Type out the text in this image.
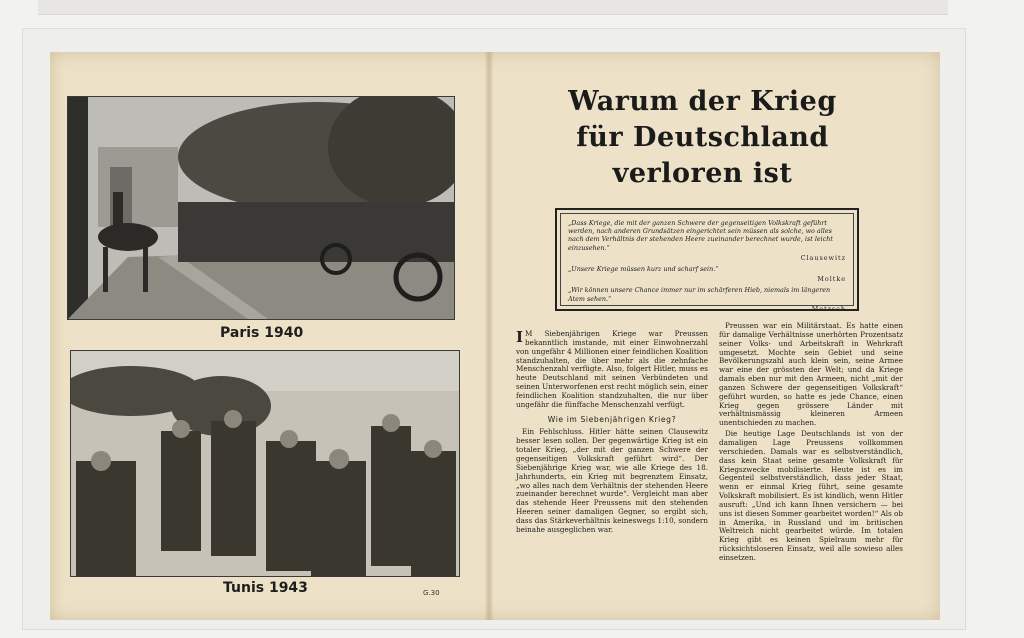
Paris 1940

Tunis 1943	G.30
Warum der Krieg
für Deutschland
verloren ist

„Dass Kriege, die mit der ganzen Schwere der gegenseitigen Volkskraft geführt werden, nach anderen Grundsätzen eingerichtet sein müssen als solche, wo alles nach dem Verhältnis der stehenden Heere zueinander berechnet wurde, ist leicht einzusehen.“

Clausewitz

„Unsere Kriege müssen kurz und scharf sein.“

Moltke

„Wir können unsere Chance immer nur im schärferen Hieb, niemals im längeren Atem sehen.“

Metzsch

I M Siebenjährigen Kriege war Preussen bekanntlich imstande, mit einer Einwohnerzahl von ungefähr 4 Millionen einer feindlichen Koalition standzuhalten, die über mehr als die zehnfache Menschenzahl verfügte. Also, folgert Hitler, muss es heute Deutschland mit seinen Verbündeten und seinen Unterworfenen erst recht möglich sein, einer feindlichen Koalition standzuhalten, die nur über ungefähr die fünffache Menschenzahl verfügt.

Wie im Siebenjährigen Krieg?

Ein Fehlschluss. Hitler hätte seinen Clausewitz besser lesen sollen. Der gegenwärtige Krieg ist ein totaler Krieg, „der mit der ganzen Schwere der gegenseitigen Volkskraft geführt wird“. Der Siebenjährige Krieg war, wie alle Kriege des 18. Jahrhunderts, ein Krieg mit begrenztem Einsatz, „wo alles nach dem Verhältnis der stehenden Heere zueinander berechnet wurde“. Vergleicht man aber das stehende Heer Preussens mit den stehenden Heeren seiner damaligen Gegner, so ergibt sich, dass das Stärkeverhältnis keineswegs 1:10, sondern beinahe ausgeglichen war.

Preussen war ein Militärstaat. Es hatte einen für damalige Verhältnisse unerhörten Prozentsatz seiner Volks- und Arbeitskraft in Wehrkraft umgesetzt. Mochte sein Gebiet und seine Bevölkerungszahl auch klein sein, seine Armee war eine der grössten der Welt; und da Kriege damals eben nur mit den Armeen, nicht „mit der ganzen Schwere der gegenseitigen Volkskraft“ geführt wurden, so hatte es jede Chance, einen Krieg gegen grössere Länder mit verhältnismässig kleineren Armeen unentschieden zu machen.

Die heutige Lage Deutschlands ist von der damaligen Lage Preussens vollkommen verschieden. Damals war es selbstverständlich, dass kein Staat seine gesamte Volkskraft für Kriegszwecke mobilisierte. Heute ist es im Gegenteil selbstverständlich, dass jeder Staat, wenn er einmal Krieg führt, seine gesamte Volkskraft mobilisiert. Es ist kindlich, wenn Hitler ausruft: „Und ich kann Ihnen versichern — bei uns ist diesen Sommer gearbeitet worden!“ Als ob in Amerika, in Russland und im britischen Weltreich nicht gearbeitet würde. Im totalen Krieg gibt es keinen Spielraum mehr für rücksichtsloseren Einsatz, weil alle sowieso alles einsetzen.
